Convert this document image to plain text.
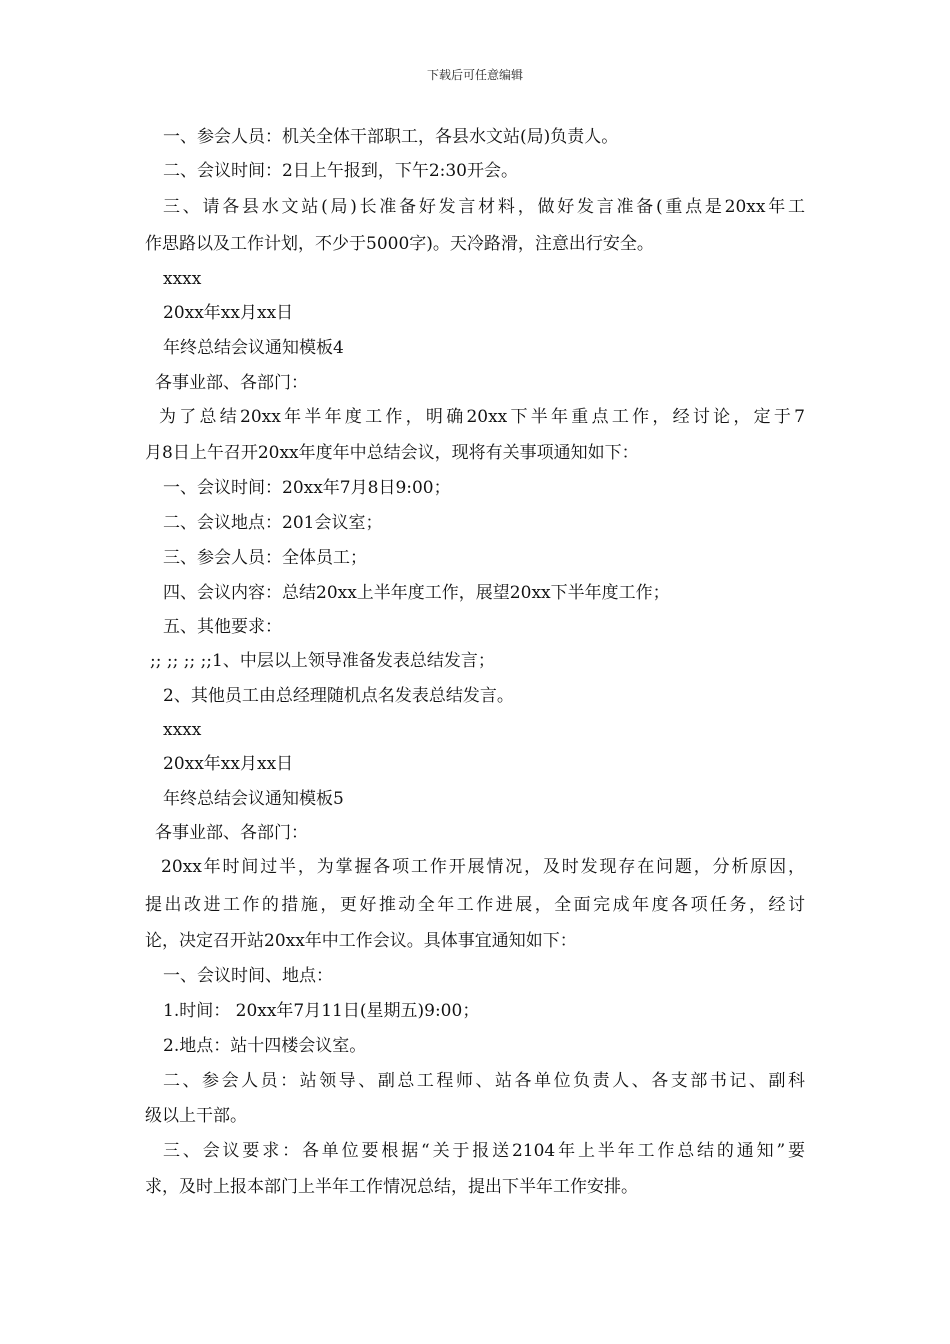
下载后可任意编辑
一、参会人员：机关全体干部职工，各县水文站(局)负责人。
二、会议时间：2日上午报到，下午2:30开会。
三、请各县水文站(局)长准备好发言材料，做好发言准备(重点是20xx年工
作思路以及工作计划，不少于5000字)。天冷路滑，注意出行安全。
xxxx
20xx年xx月xx日
年终总结会议通知模板4
各事业部、各部门：
为了总结20xx年半年度工作，明确20xx下半年重点工作，经讨论，定于7
月8日上午召开20xx年度年中总结会议，现将有关事项通知如下：
一、会议时间：20xx年7月8日9:00；
二、会议地点：201会议室；
三、参会人员：全体员工；
四、会议内容：总结20xx上半年度工作，展望20xx下半年度工作；
五、其他要求：
;; ;; ;; ;;1、中层以上领导准备发表总结发言；
2、其他员工由总经理随机点名发表总结发言。
xxxx
20xx年xx月xx日
年终总结会议通知模板5
各事业部、各部门：
20xx年时间过半，为掌握各项工作开展情况，及时发现存在问题，分析原因，
提出改进工作的措施，更好推动全年工作进展，全面完成年度各项任务，经讨
论，决定召开站20xx年中工作会议。具体事宜通知如下：
一、会议时间、地点：
1.时间： 20xx年7月11日(星期五)9:00；
2.地点：站十四楼会议室。
二、参会人员：站领导、副总工程师、站各单位负责人、各支部书记、副科
级以上干部。
三、会议要求：各单位要根据“关于报送2104年上半年工作总结的通知”要
求，及时上报本部门上半年工作情况总结，提出下半年工作安排。
